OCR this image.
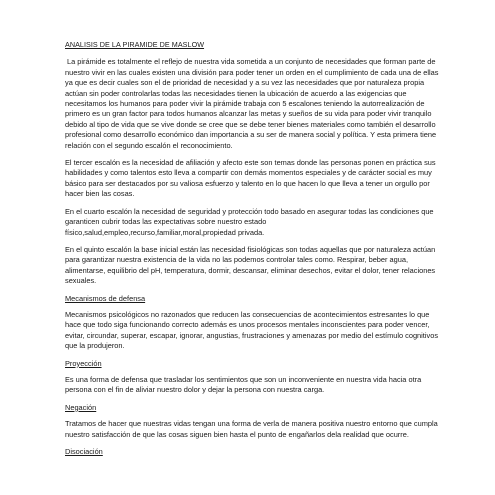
ANALISIS DE LA PIRAMIDE DE MASLOW

La pirámide es totalmente el reflejo de nuestra vida sometida a un conjunto de necesidades que forman parte de nuestro vivir en las cuales existen una división para poder tener un orden en el cumplimiento de cada una de ellas ya que es decir cuales son el de prioridad de necesidad y a su vez las necesidades que por naturaleza propia actúan sin poder controlarlas todas las necesidades tienen la ubicación de acuerdo a las exigencias que necesitamos los humanos para poder vivir la pirámide trabaja con 5 escalones teniendo la autorrealización de primero es un gran factor para todos humanos alcanzar las metas y sueños de su vida para poder vivir tranquilo debido al tipo de vida que se vive donde se cree que se debe tener bienes materiales como también el desarrollo profesional como desarrollo económico dan importancia a su ser de manera social y política. Y esta primera tiene relación con el segundo escalón el reconocimiento.

El tercer escalón es la necesidad de afiliación y afecto este son temas donde las personas ponen en práctica sus habilidades y como talentos esto lleva a compartir con demás momentos especiales y de carácter social es muy básico para ser destacados por su valiosa esfuerzo y talento en lo que hacen lo que lleva a tener un orgullo por hacer bien las cosas.

En el cuarto escalón la necesidad de seguridad y protección todo basado en asegurar todas las condiciones que garanticen cubrir todas las expectativas sobre nuestro estado físico,salud,empleo,recurso,familiar,moral,propiedad privada.

En el quinto escalón la base inicial están las necesidad fisiológicas son todas aquellas que por naturaleza actúan para garantizar nuestra existencia de la vida no las podemos controlar tales como. Respirar, beber agua, alimentarse, equilibrio del pH, temperatura, dormir, descansar, eliminar desechos, evitar el dolor, tener relaciones sexuales.

Mecanismos de defensa

Mecanismos psicológicos no razonados que reducen las consecuencias de acontecimientos estresantes lo que hace que todo siga funcionando correcto además es unos procesos mentales inconscientes para poder vencer, evitar, circundar, superar, escapar, ignorar, angustias, frustraciones y amenazas por medio del estímulo cognitivos que la produjeron.

Proyección

Es una forma de defensa que trasladar los sentimientos que son un inconveniente en nuestra vida hacia otra persona con el fin de aliviar nuestro dolor y dejar la persona con nuestra carga.

Negación

Tratamos de hacer que nuestras vidas tengan una forma de verla de manera positiva nuestro entorno que cumpla nuestro satisfacción de que las cosas siguen bien hasta el punto de engañarlos dela realidad que ocurre.

Disociación
